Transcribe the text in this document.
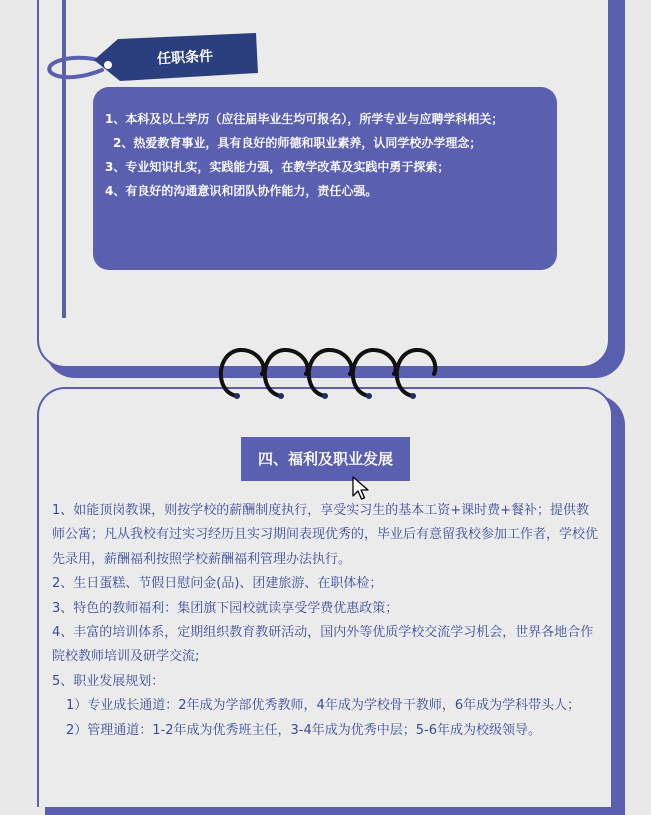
任职条件

1、本科及以上学历（应往届毕业生均可报名），所学专业与应聘学科相关；

2、热爱教育事业，具有良好的师德和职业素养，认同学校办学理念；

3、专业知识扎实，实践能力强，在教学改革及实践中勇于探索；

4、有良好的沟通意识和团队协作能力，责任心强。

四、福利及职业发展

1、如能顶岗教课，则按学校的薪酬制度执行，享受实习生的基本工资+课时费+餐补；提供教师公寓；凡从我校有过实习经历且实习期间表现优秀的，毕业后有意留我校参加工作者，学校优先录用，薪酬福利按照学校薪酬福利管理办法执行。

2、生日蛋糕、节假日慰问金(品)、团建旅游、在职体检；

3、特色的教师福利：集团旗下园校就读享受学费优惠政策；

4、丰富的培训体系，定期组织教育教研活动，国内外等优质学校交流学习机会，世界各地合作院校教师培训及研学交流;

5、职业发展规划：

1）专业成长通道：2年成为学部优秀教师，4年成为学校骨干教师，6年成为学科带头人；

2）管理通道：1-2年成为优秀班主任，3-4年成为优秀中层；5-6年成为校级领导。
